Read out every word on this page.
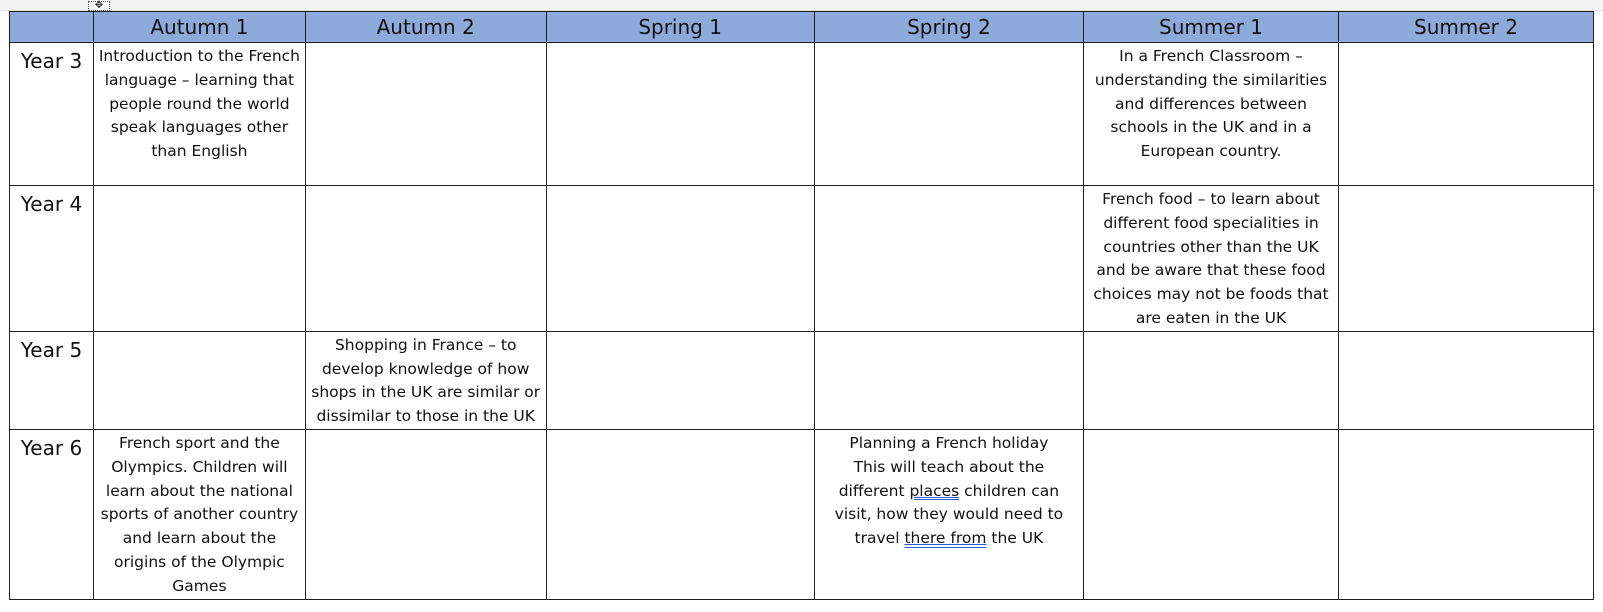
✥
	Autumn 1	Autumn 2	Spring 1	Spring 2	Summer 1	Summer 2
Year 3	Introduction to the French language – learning that people round the world speak languages other than English				In a French Classroom – understanding the similarities and differences between schools in the UK and in a European country.	
Year 4					French food – to learn about different food specialities in countries other than the UK and be aware that these food choices may not be foods that are eaten in the UK	
Year 5		Shopping in France – to develop knowledge of how shops in the UK are similar or dissimilar to those in the UK				
Year 6	French sport and the Olympics. Children will learn about the national sports of another country and learn about the origins of the Olympic Games			Planning a French holiday
This will teach about the different places children can visit, how they would need to travel there from the UK		
